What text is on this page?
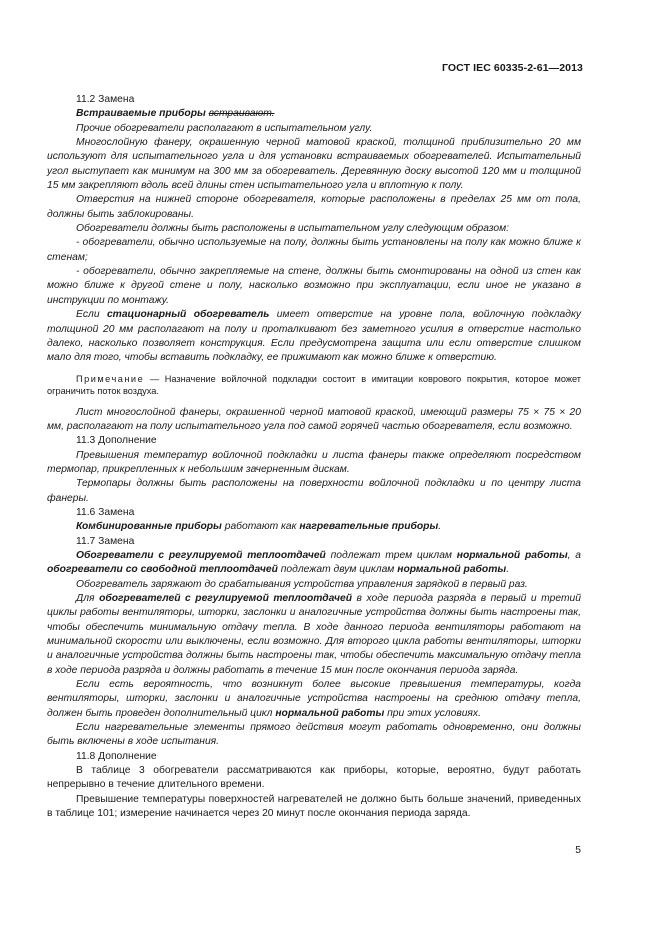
ГОСТ IEC 60335-2-61—2013

11.2 Замена

Встраиваемые приборы встраивают.

Прочие обогреватели располагают в испытательном углу.

Многослойную фанеру, окрашенную черной матовой краской, толщиной приблизительно 20 мм используют для испытательного угла и для установки встраиваемых обогревателей. Испытательный угол выступает как минимум на 300 мм за обогреватель. Деревянную доску высотой 120 мм и толщиной 15 мм закрепляют вдоль всей длины стен испытательного угла и вплотную к полу.

Отверстия на нижней стороне обогревателя, которые расположены в пределах 25 мм от пола, должны быть заблокированы.

Обогреватели должны быть расположены в испытательном углу следующим образом:

- обогреватели, обычно используемые на полу, должны быть установлены на полу как можно ближе к стенам;

- обогреватели, обычно закрепляемые на стене, должны быть смонтированы на одной из стен как можно ближе к другой стене и полу, насколько возможно при эксплуатации, если иное не указано в инструкции по монтажу.

Если стационарный обогреватель имеет отверстие на уровне пола, войлочную подкладку толщиной 20 мм располагают на полу и проталкивают без заметного усилия в отверстие настолько далеко, насколько позволяет конструкция. Если предусмотрена защита или если отверстие слишком мало для того, чтобы вставить подкладку, ее прижимают как можно ближе к отверстию.

Примечание — Назначение войлочной подкладки состоит в имитации коврового покрытия, которое может ограничить поток воздуха.

Лист многослойной фанеры, окрашенной черной матовой краской, имеющий размеры 75 × 75 × 20 мм, располагают на полу испытательного угла под самой горячей частью обогревателя, если возможно.

11.3 Дополнение

Превышения температур войлочной подкладки и листа фанеры также определяют посредством термопар, прикрепленных к небольшим зачерненным дискам.

Термопары должны быть расположены на поверхности войлочной подкладки и по центру листа фанеры.

11.6 Замена

Комбинированные приборы работают как нагревательные приборы.

11.7 Замена

Обогреватели с регулируемой теплоотдачей подлежат трем циклам нормальной работы, а обогреватели со свободной теплоотдачей подлежат двум циклам нормальной работы.

Обогреватель заряжают до срабатывания устройства управления зарядкой в первый раз.

Для обогревателей с регулируемой теплоотдачей в ходе периода разряда в первый и третий циклы работы вентиляторы, шторки, заслонки и аналогичные устройства должны быть настроены так, чтобы обеспечить минимальную отдачу тепла. В ходе данного периода вентиляторы работают на минимальной скорости или выключены, если возможно. Для второго цикла работы вентиляторы, шторки и аналогичные устройства должны быть настроены так, чтобы обеспечить максимальную отдачу тепла в ходе периода разряда и должны работать в течение 15 мин после окончания периода заряда.

Если есть вероятность, что возникнут более высокие превышения температуры, когда вентиляторы, шторки, заслонки и аналогичные устройства настроены на среднюю отдачу тепла, должен быть проведен дополнительный цикл нормальной работы при этих условиях.

Если нагревательные элементы прямого действия могут работать одновременно, они должны быть включены в ходе испытания.

11.8 Дополнение

В таблице 3 обогреватели рассматриваются как приборы, которые, вероятно, будут работать непрерывно в течение длительного времени.

Превышение температуры поверхностей нагревателей не должно быть больше значений, приведенных в таблице 101; измерение начинается через 20 минут после окончания периода заряда.

5
